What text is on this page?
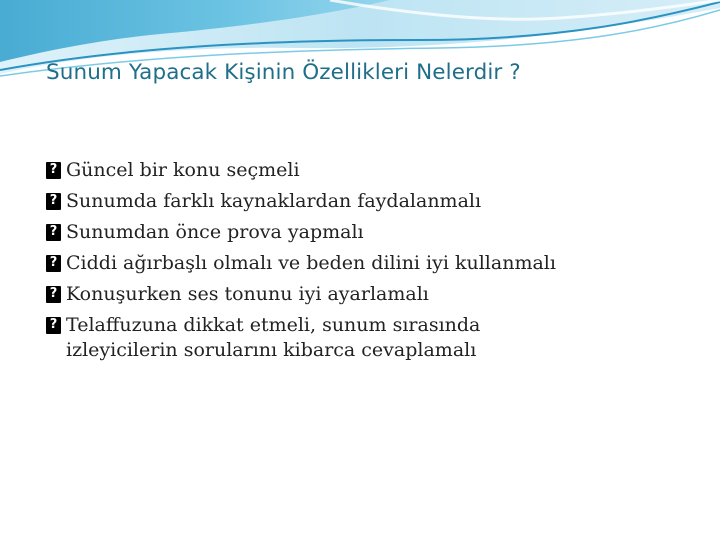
Sunum Yapacak Kişinin Özellikleri Nelerdir ?
?
Güncel bir konu seçmeli
?
Sunumda farklı kaynaklardan faydalanmalı
?
Sunumdan önce prova yapmalı
?
Ciddi ağırbaşlı olmalı ve beden dilini iyi kullanmalı
?
Konuşurken ses tonunu iyi ayarlamalı
?
Telaffuzuna dikkat etmeli, sunum sırasında
izleyicilerin sorularını kibarca cevaplamalı
